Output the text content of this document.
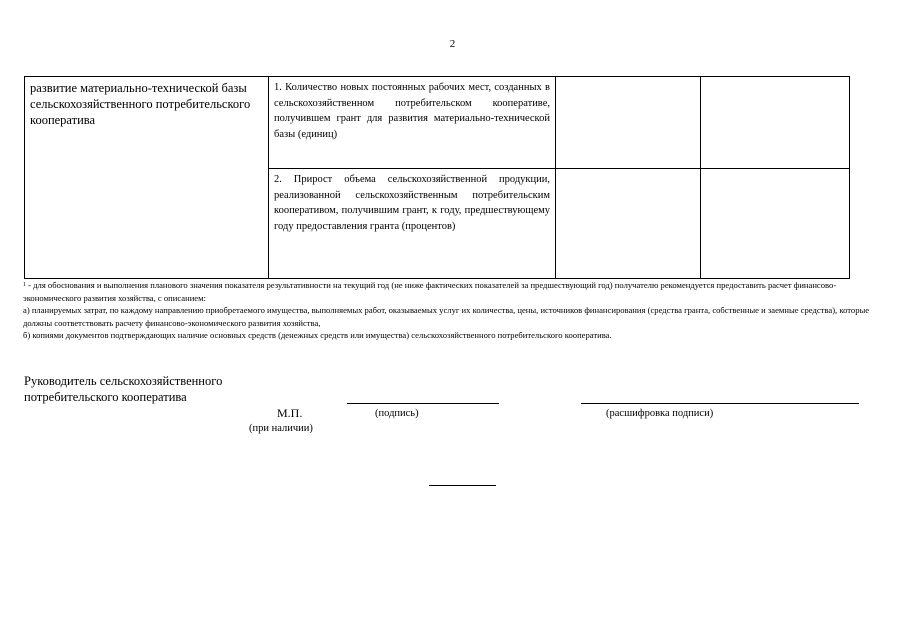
2
развитие материально-технической базы сельскохозяйственного потребительского кооператива	1. Количество новых постоянных рабочих мест, созданных в сельскохозяйственном потребительском кооперативе, получившем грант для развития материально-технической базы (единиц)		
	2. Прирост объема сельскохозяйственной продукции, реализованной сельскохозяйственным потребительским кооперативом, получившим грант, к году, предшествующему году предоставления гранта (процентов)		

$^1$ - для обоснования и выполнения планового значения показателя результативности на текущий год (не ниже фактических показателей за предшествующий год) получателю рекомендуется предоставить расчет финансово-экономического развития хозяйства, с описанием:

а) планируемых затрат, по каждому направлению приобретаемого имущества, выполняемых работ, оказываемых услуг их количества, цены, источников финансирования (средства гранта, собственные и заемные средства), которые должны соответствовать расчету финансово-экономического развития хозяйства,

б) копиями документов подтверждающих наличие основных средств (денежных средств или имущества) сельскохозяйственного потребительского кооператива.

Руководитель сельскохозяйственного
потребительского кооператива
М.П.	(подпись)	(расшифровка подписи)
(при наличии)
